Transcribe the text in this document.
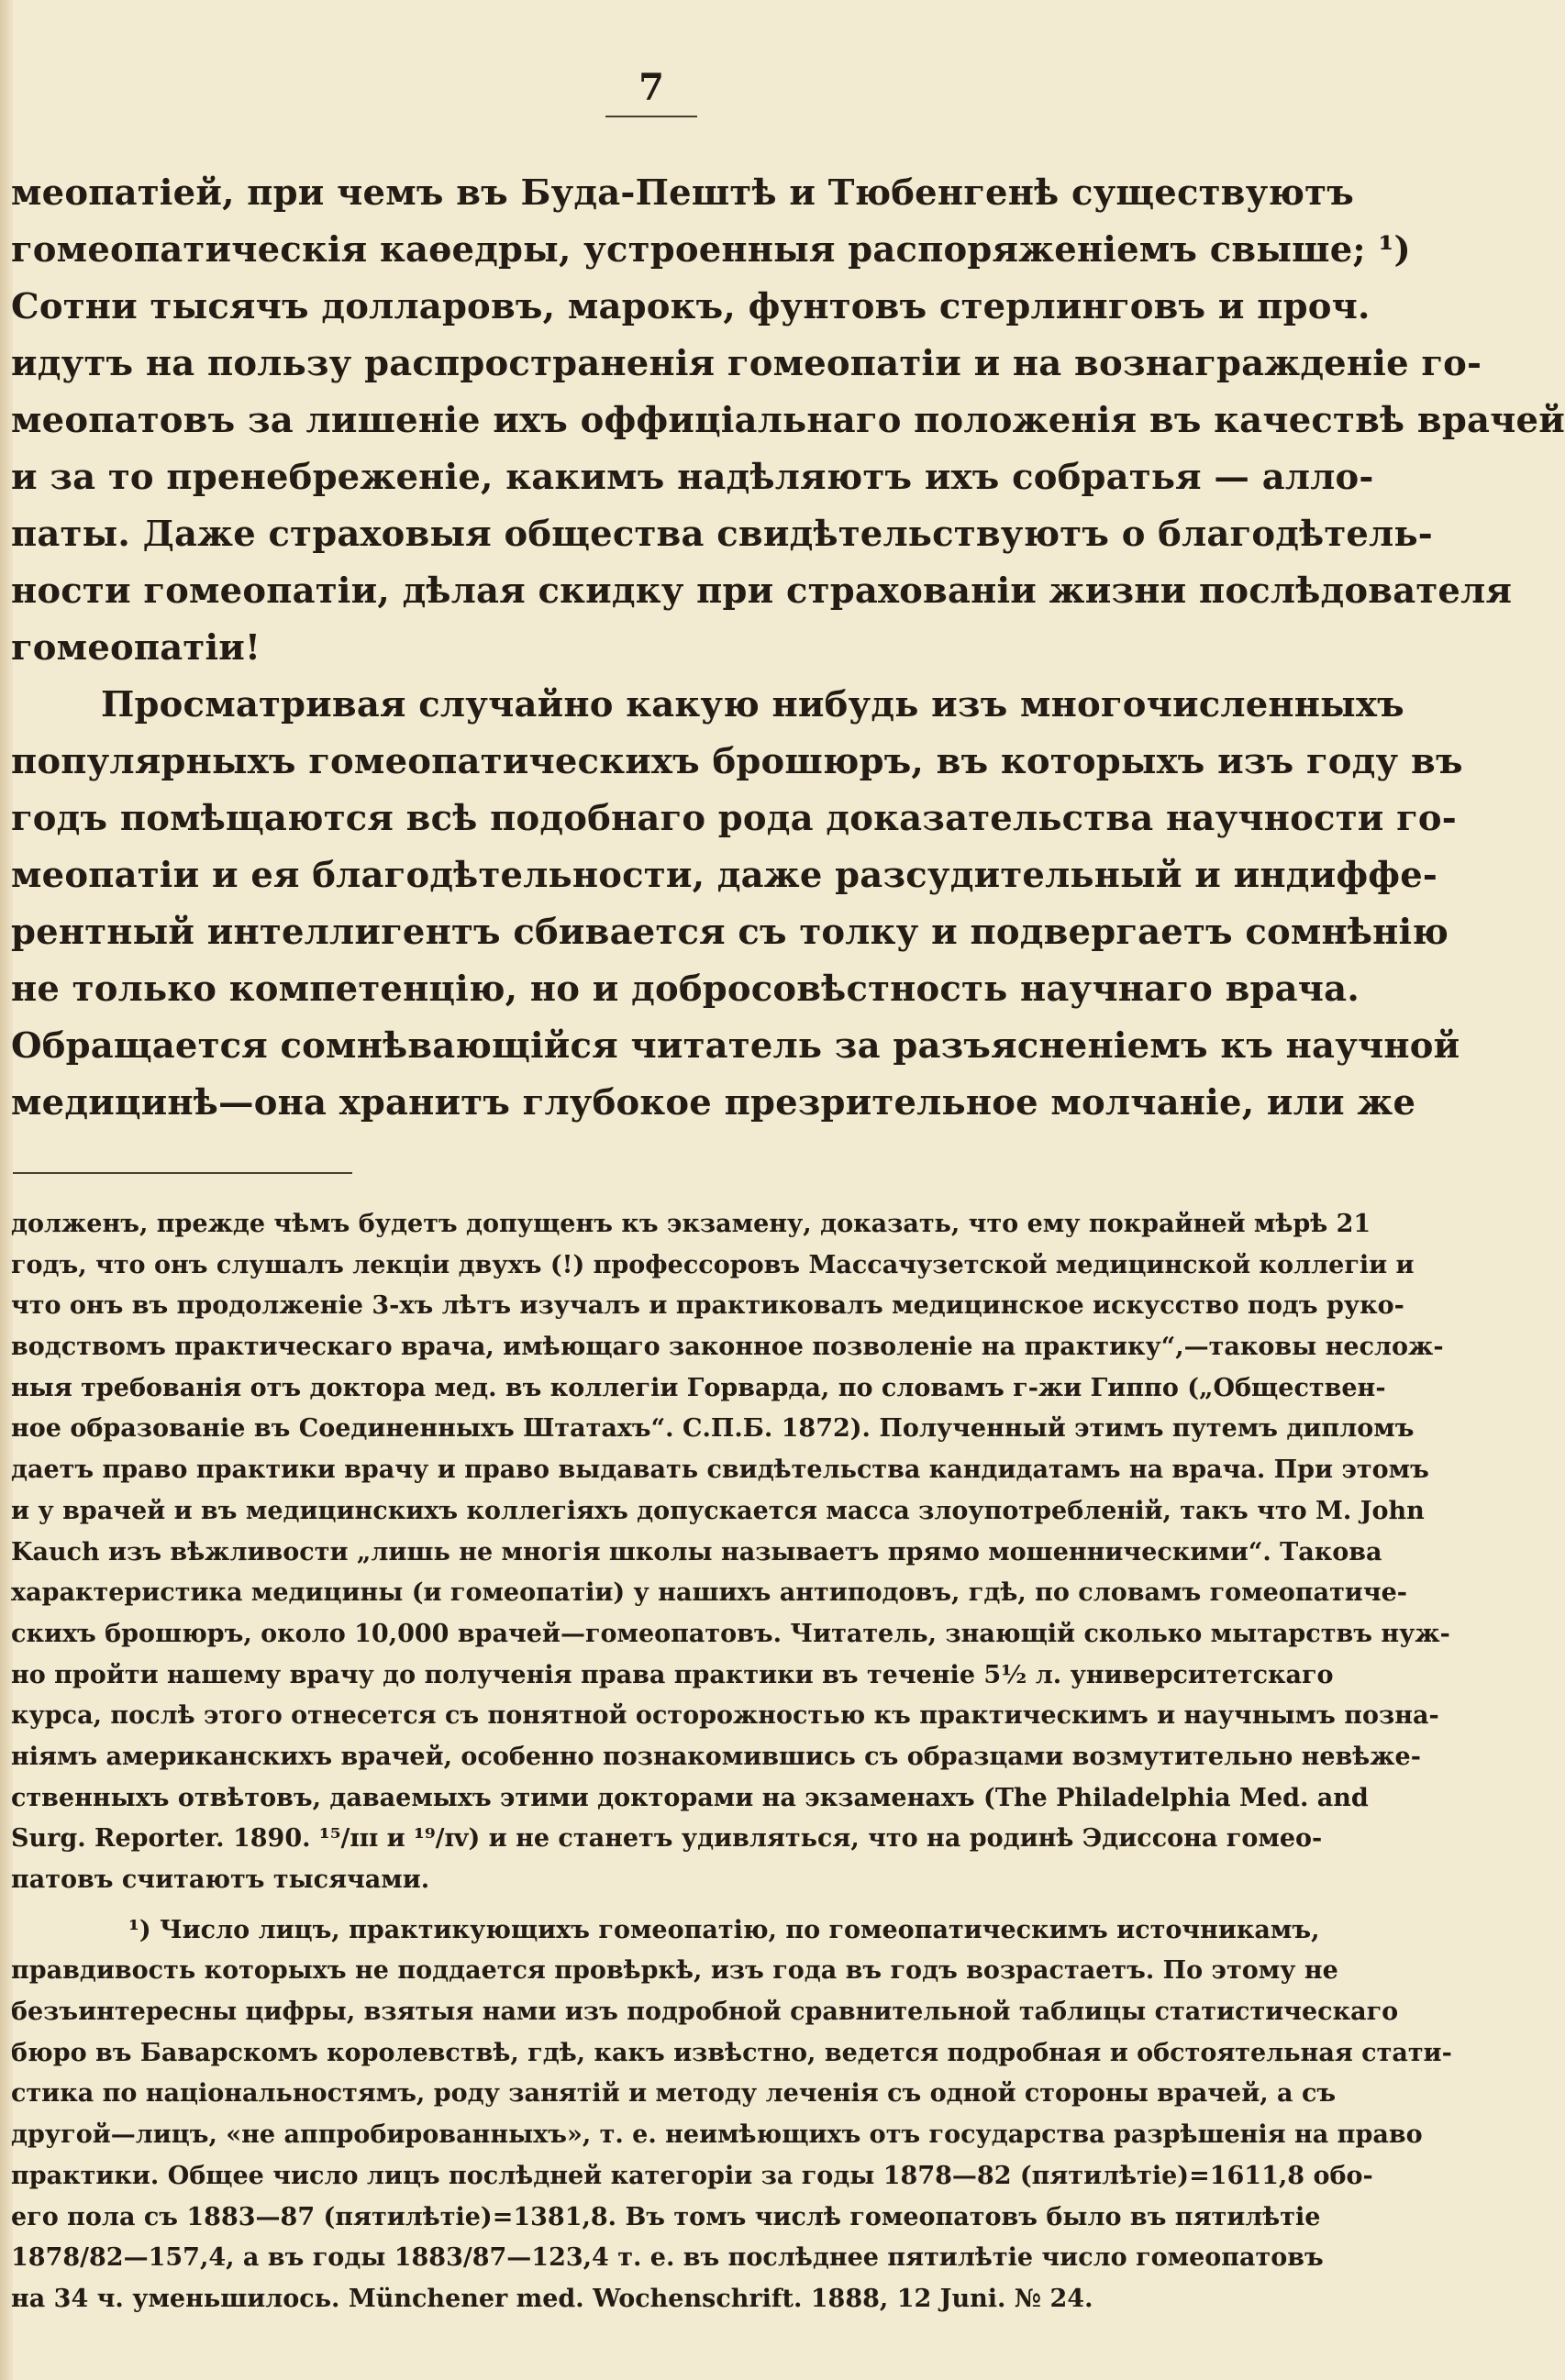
7
меопатіей, при чемъ въ Буда-Пештѣ и Тюбенгенѣ существуютъ
гомеопатическія каѳедры, устроенныя распоряженіемъ свыше; ¹)
Сотни тысячъ долларовъ, марокъ, фунтовъ стерлинговъ и проч.
идутъ на пользу распространенія гомеопатіи и на вознагражденіе го-
меопатовъ за лишеніе ихъ оффиціальнаго положенія въ качествѣ врачей
и за то пренебреженіе, какимъ надѣляютъ ихъ собратья — алло-
паты. Даже страховыя общества свидѣтельствуютъ о благодѣтель-
ности гомеопатіи, дѣлая скидку при страхованіи жизни послѣдователя
гомеопатіи!
Просматривая случайно какую нибудь изъ многочисленныхъ
популярныхъ гомеопатическихъ брошюръ, въ которыхъ изъ году въ
годъ помѣщаются всѣ подобнаго рода доказательства научности го-
меопатіи и ея благодѣтельности, даже разсудительный и индиффе-
рентный интеллигентъ сбивается съ толку и подвергаетъ сомнѣнію
не только компетенцію, но и добросовѣстность научнаго врача.
Обращается сомнѣвающійся читатель за разъясненіемъ къ научной
медицинѣ—она хранитъ глубокое презрительное молчаніе, или же
долженъ, прежде чѣмъ будетъ допущенъ къ экзамену, доказать, что ему покрайней мѣрѣ 21
годъ, что онъ слушалъ лекціи двухъ (!) профессоровъ Массачузетской медицинской коллегіи и
что онъ въ продолженіе 3-хъ лѣтъ изучалъ и практиковалъ медицинское искусство подъ руко-
водствомъ практическаго врача, имѣющаго законное позволеніе на практику“,—таковы неслож-
ныя требованія отъ доктора мед. въ коллегіи Горварда, по словамъ г-жи Гиппо („Обществен-
ное образованіе въ Соединенныхъ Штатахъ“. С.П.Б. 1872). Полученный этимъ путемъ дипломъ
даетъ право практики врачу и право выдавать свидѣтельства кандидатамъ на врача. При этомъ
и у врачей и въ медицинскихъ коллегіяхъ допускается масса злоупотребленій, такъ что M. John
Kauch изъ вѣжливости „лишь не многія школы называетъ прямо мошенническими“. Такова
характеристика медицины (и гомеопатіи) у нашихъ антиподовъ, гдѣ, по словамъ гомеопатиче-
скихъ брошюръ, около 10,000 врачей—гомеопатовъ. Читатель, знающій сколько мытарствъ нуж-
но пройти нашему врачу до полученія права практики въ теченіе 5½ л. университетскаго
курса, послѣ этого отнесется съ понятной осторожностью къ практическимъ и научнымъ позна-
ніямъ американскихъ врачей, особенно познакомившись съ образцами возмутительно невѣже-
ственныхъ отвѣтовъ, даваемыхъ этими докторами на экзаменахъ (The Philadelphia Med. and
Surg. Reporter. 1890. ¹⁵/ɪɪɪ и ¹⁹/ɪᴠ) и не станетъ удивляться, что на родинѣ Эдиссона гомео-
патовъ считаютъ тысячами.
¹) Число лицъ, практикующихъ гомеопатію, по гомеопатическимъ источникамъ,
правдивость которыхъ не поддается провѣркѣ, изъ года въ годъ возрастаетъ. По этому не
безъинтересны цифры, взятыя нами изъ подробной сравнительной таблицы статистическаго
бюро въ Баварскомъ королевствѣ, гдѣ, какъ извѣстно, ведется подробная и обстоятельная стати-
стика по національностямъ, роду занятій и методу леченія съ одной стороны врачей, а съ
другой—лицъ, «не аппробированныхъ», т. е. неимѣющихъ отъ государства разрѣшенія на право
практики. Общее число лицъ послѣдней категоріи за годы 1878—82 (пятилѣтіе)=1611,8 обо-
его пола съ 1883—87 (пятилѣтіе)=1381,8. Въ томъ числѣ гомеопатовъ было въ пятилѣтіе
1878/82—157,4, а въ годы 1883/87—123,4 т. е. въ послѣднее пятилѣтіе число гомеопатовъ
на 34 ч. уменьшилось. Münchener med. Wochenschrift. 1888, 12 Juni. № 24.
